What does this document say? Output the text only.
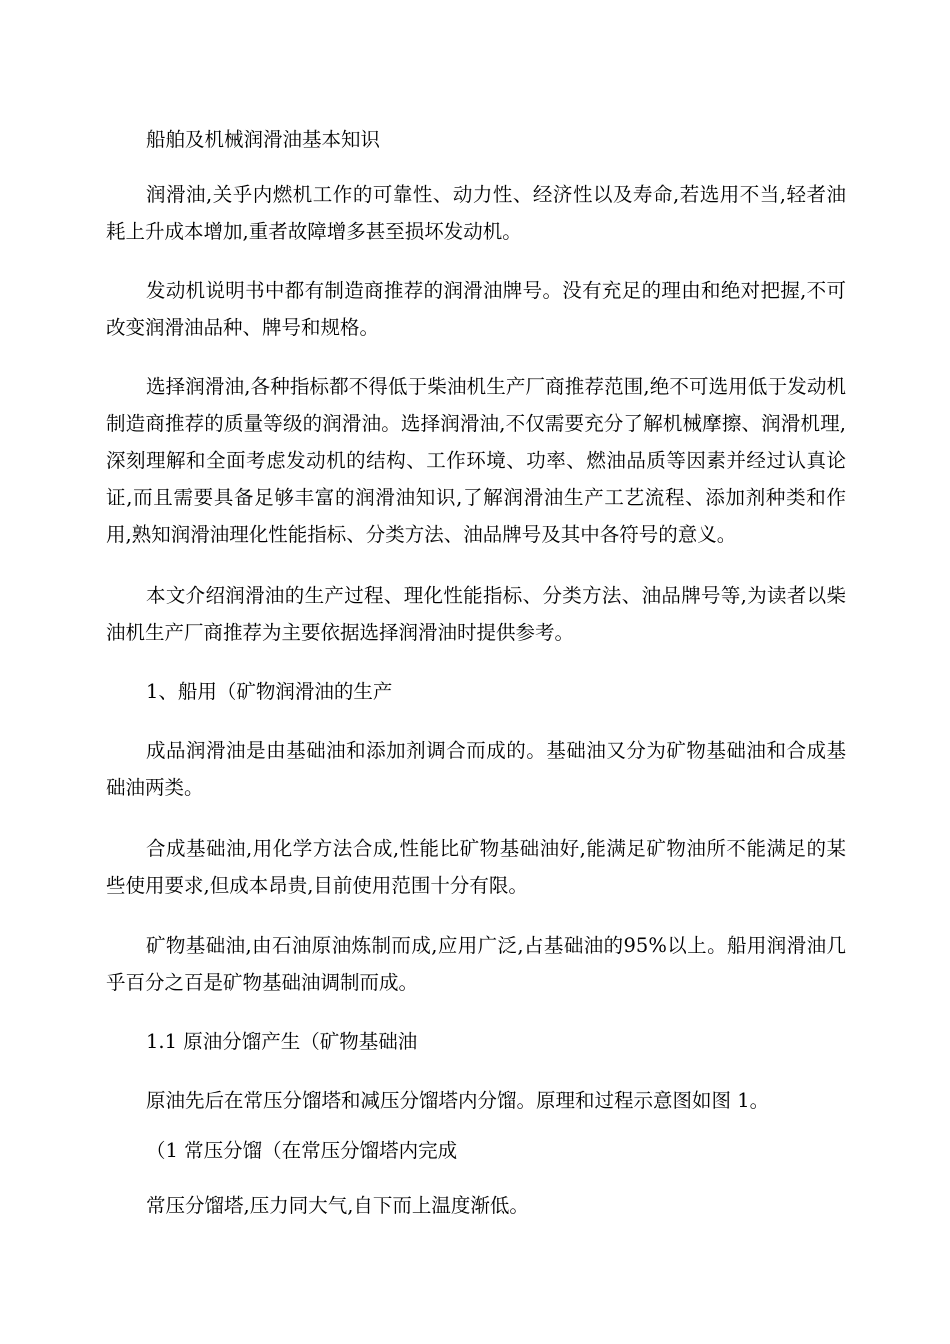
船舶及机械润滑油基本知识

润滑油,关乎内燃机工作的可靠性、动力性、经济性以及寿命,若选用不当,轻者油耗上升成本增加,重者故障增多甚至损坏发动机。

发动机说明书中都有制造商推荐的润滑油牌号。没有充足的理由和绝对把握,不可改变润滑油品种、牌号和规格。

选择润滑油,各种指标都不得低于柴油机生产厂商推荐范围,绝不可选用低于发动机制造商推荐的质量等级的润滑油。选择润滑油,不仅需要充分了解机械摩擦、润滑机理,深刻理解和全面考虑发动机的结构、工作环境、功率、燃油品质等因素并经过认真论证,而且需要具备足够丰富的润滑油知识,了解润滑油生产工艺流程、添加剂种类和作用,熟知润滑油理化性能指标、分类方法、油品牌号及其中各符号的意义。

本文介绍润滑油的生产过程、理化性能指标、分类方法、油品牌号等,为读者以柴油机生产厂商推荐为主要依据选择润滑油时提供参考。

1、船用（矿物润滑油的生产

成品润滑油是由基础油和添加剂调合而成的。基础油又分为矿物基础油和合成基础油两类。

合成基础油,用化学方法合成,性能比矿物基础油好,能满足矿物油所不能满足的某些使用要求,但成本昂贵,目前使用范围十分有限。

矿物基础油,由石油原油炼制而成,应用广泛,占基础油的95%以上。船用润滑油几乎百分之百是矿物基础油调制而成。

1.1 原油分馏产生（矿物基础油

原油先后在常压分馏塔和减压分馏塔内分馏。原理和过程示意图如图 1。

（1 常压分馏（在常压分馏塔内完成

常压分馏塔,压力同大气,自下而上温度渐低。
